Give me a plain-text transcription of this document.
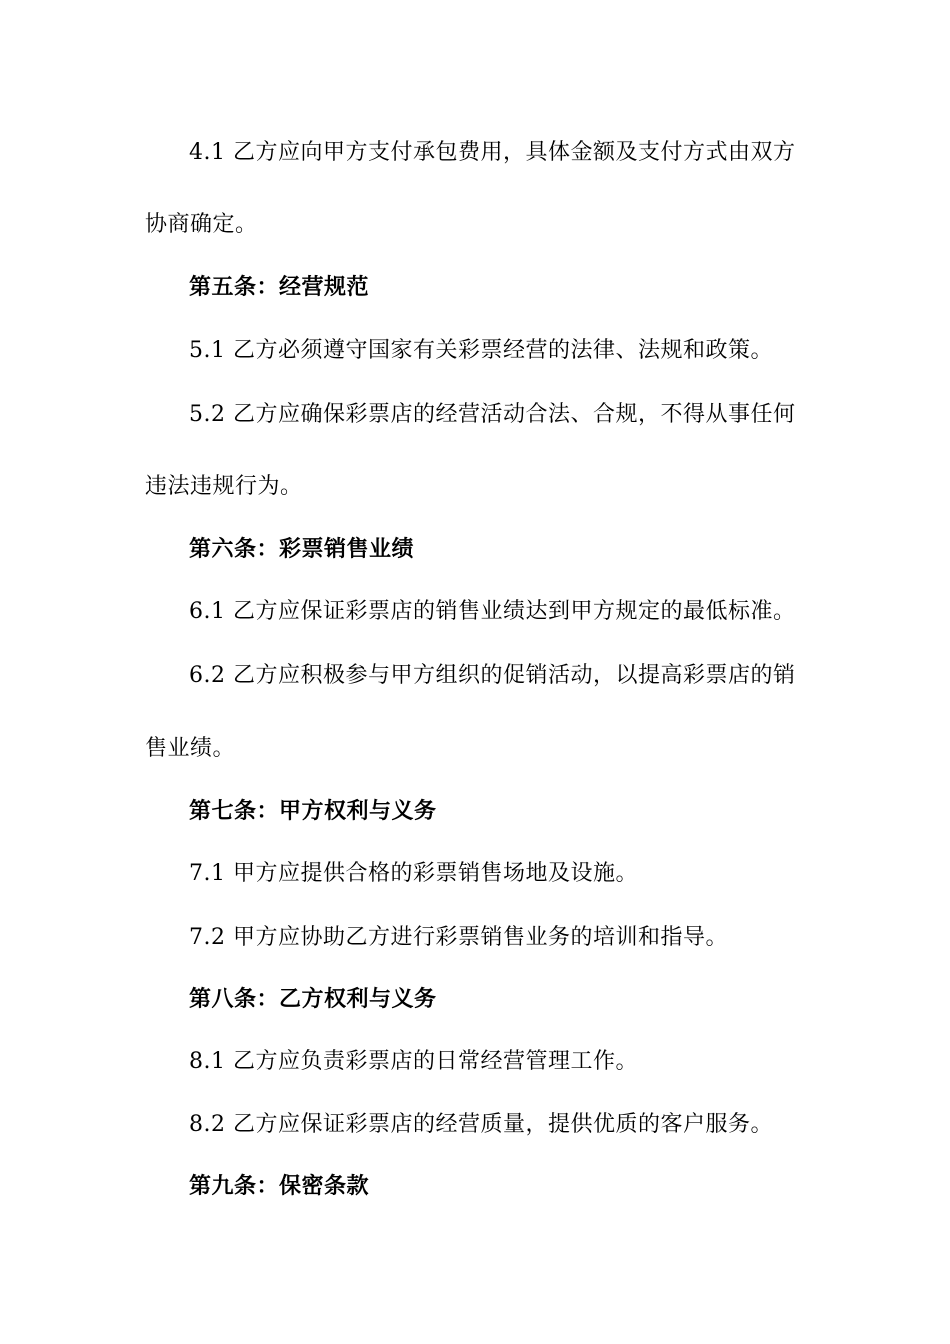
4.1 乙方应向甲方支付承包费用，具体金额及支付方式由双方
协商确定。
第五条：经营规范
5.1 乙方必须遵守国家有关彩票经营的法律、法规和政策。
5.2 乙方应确保彩票店的经营活动合法、合规，不得从事任何
违法违规行为。
第六条：彩票销售业绩
6.1 乙方应保证彩票店的销售业绩达到甲方规定的最低标准。
6.2 乙方应积极参与甲方组织的促销活动，以提高彩票店的销
售业绩。
第七条：甲方权利与义务
7.1 甲方应提供合格的彩票销售场地及设施。
7.2 甲方应协助乙方进行彩票销售业务的培训和指导。
第八条：乙方权利与义务
8.1 乙方应负责彩票店的日常经营管理工作。
8.2 乙方应保证彩票店的经营质量，提供优质的客户服务。
第九条：保密条款
